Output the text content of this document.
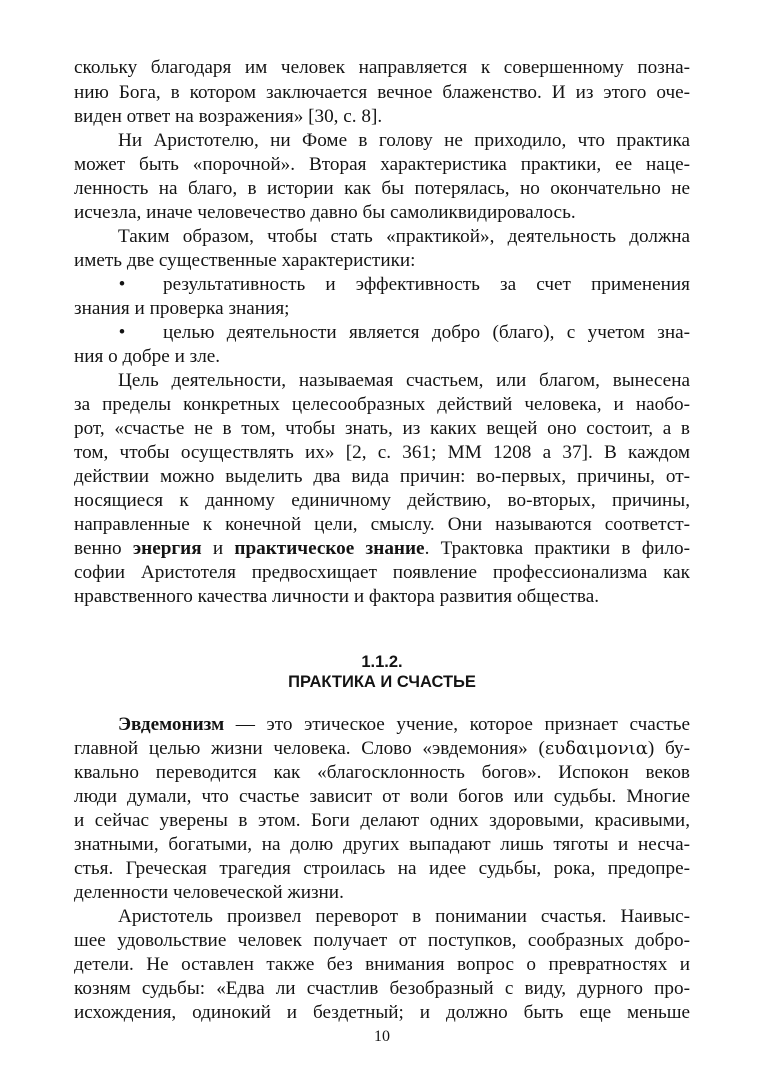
скольку благодаря им человек направляется к совершенному позна-
нию Бога, в котором заключается вечное блаженство. И из этого оче-
виден ответ на возражения» [30, с. 8].
Ни Аристотелю, ни Фоме в голову не приходило, что практика
может быть «порочной». Вторая характеристика практики, ее наце-
ленность на благо, в истории как бы потерялась, но окончательно не
исчезла, иначе человечество давно бы самоликвидировалось.
Таким образом, чтобы стать «практикой», деятельность должна
иметь две существенные характеристики:
•	результативность и эффективность за счет применения
знания и проверка знания;
•	целью деятельности является добро (благо), с учетом зна-
ния о добре и зле.
Цель деятельности, называемая счастьем, или благом, вынесена
за пределы конкретных целесообразных действий человека, и наобо-
рот, «счастье не в том, чтобы знать, из каких вещей оно состоит, а в
том, чтобы осуществлять их» [2, с. 361; ММ 1208 а 37]. В каждом
действии можно выделить два вида причин: во-первых, причины, от-
носящиеся к данному единичному действию, во-вторых, причины,
направленные к конечной цели, смыслу. Они называются соответст-
венно энергия и практическое знание. Трактовка практики в фило-
софии Аристотеля предвосхищает появление профессионализма как
нравственного качества личности и фактора развития общества.
1.1.2.
ПРАКТИКА И СЧАСТЬЕ
Эвдемонизм — это этическое учение, которое признает счастье
главной целью жизни человека. Слово «эвдемония» (ευδαιμονια) бу-
квально переводится как «благосклонность богов». Испокон веков
люди думали, что счастье зависит от воли богов или судьбы. Многие
и сейчас уверены в этом. Боги делают одних здоровыми, красивыми,
знатными, богатыми, на долю других выпадают лишь тяготы и несча-
стья. Греческая трагедия строилась на идее судьбы, рока, предопре-
деленности человеческой жизни.
Аристотель произвел переворот в понимании счастья. Наивыс-
шее удовольствие человек получает от поступков, сообразных добро-
детели. Не оставлен также без внимания вопрос о превратностях и
козням судьбы: «Едва ли счастлив безобразный с виду, дурного про-
исхождения, одинокий и бездетный; и должно быть еще меньше
10
